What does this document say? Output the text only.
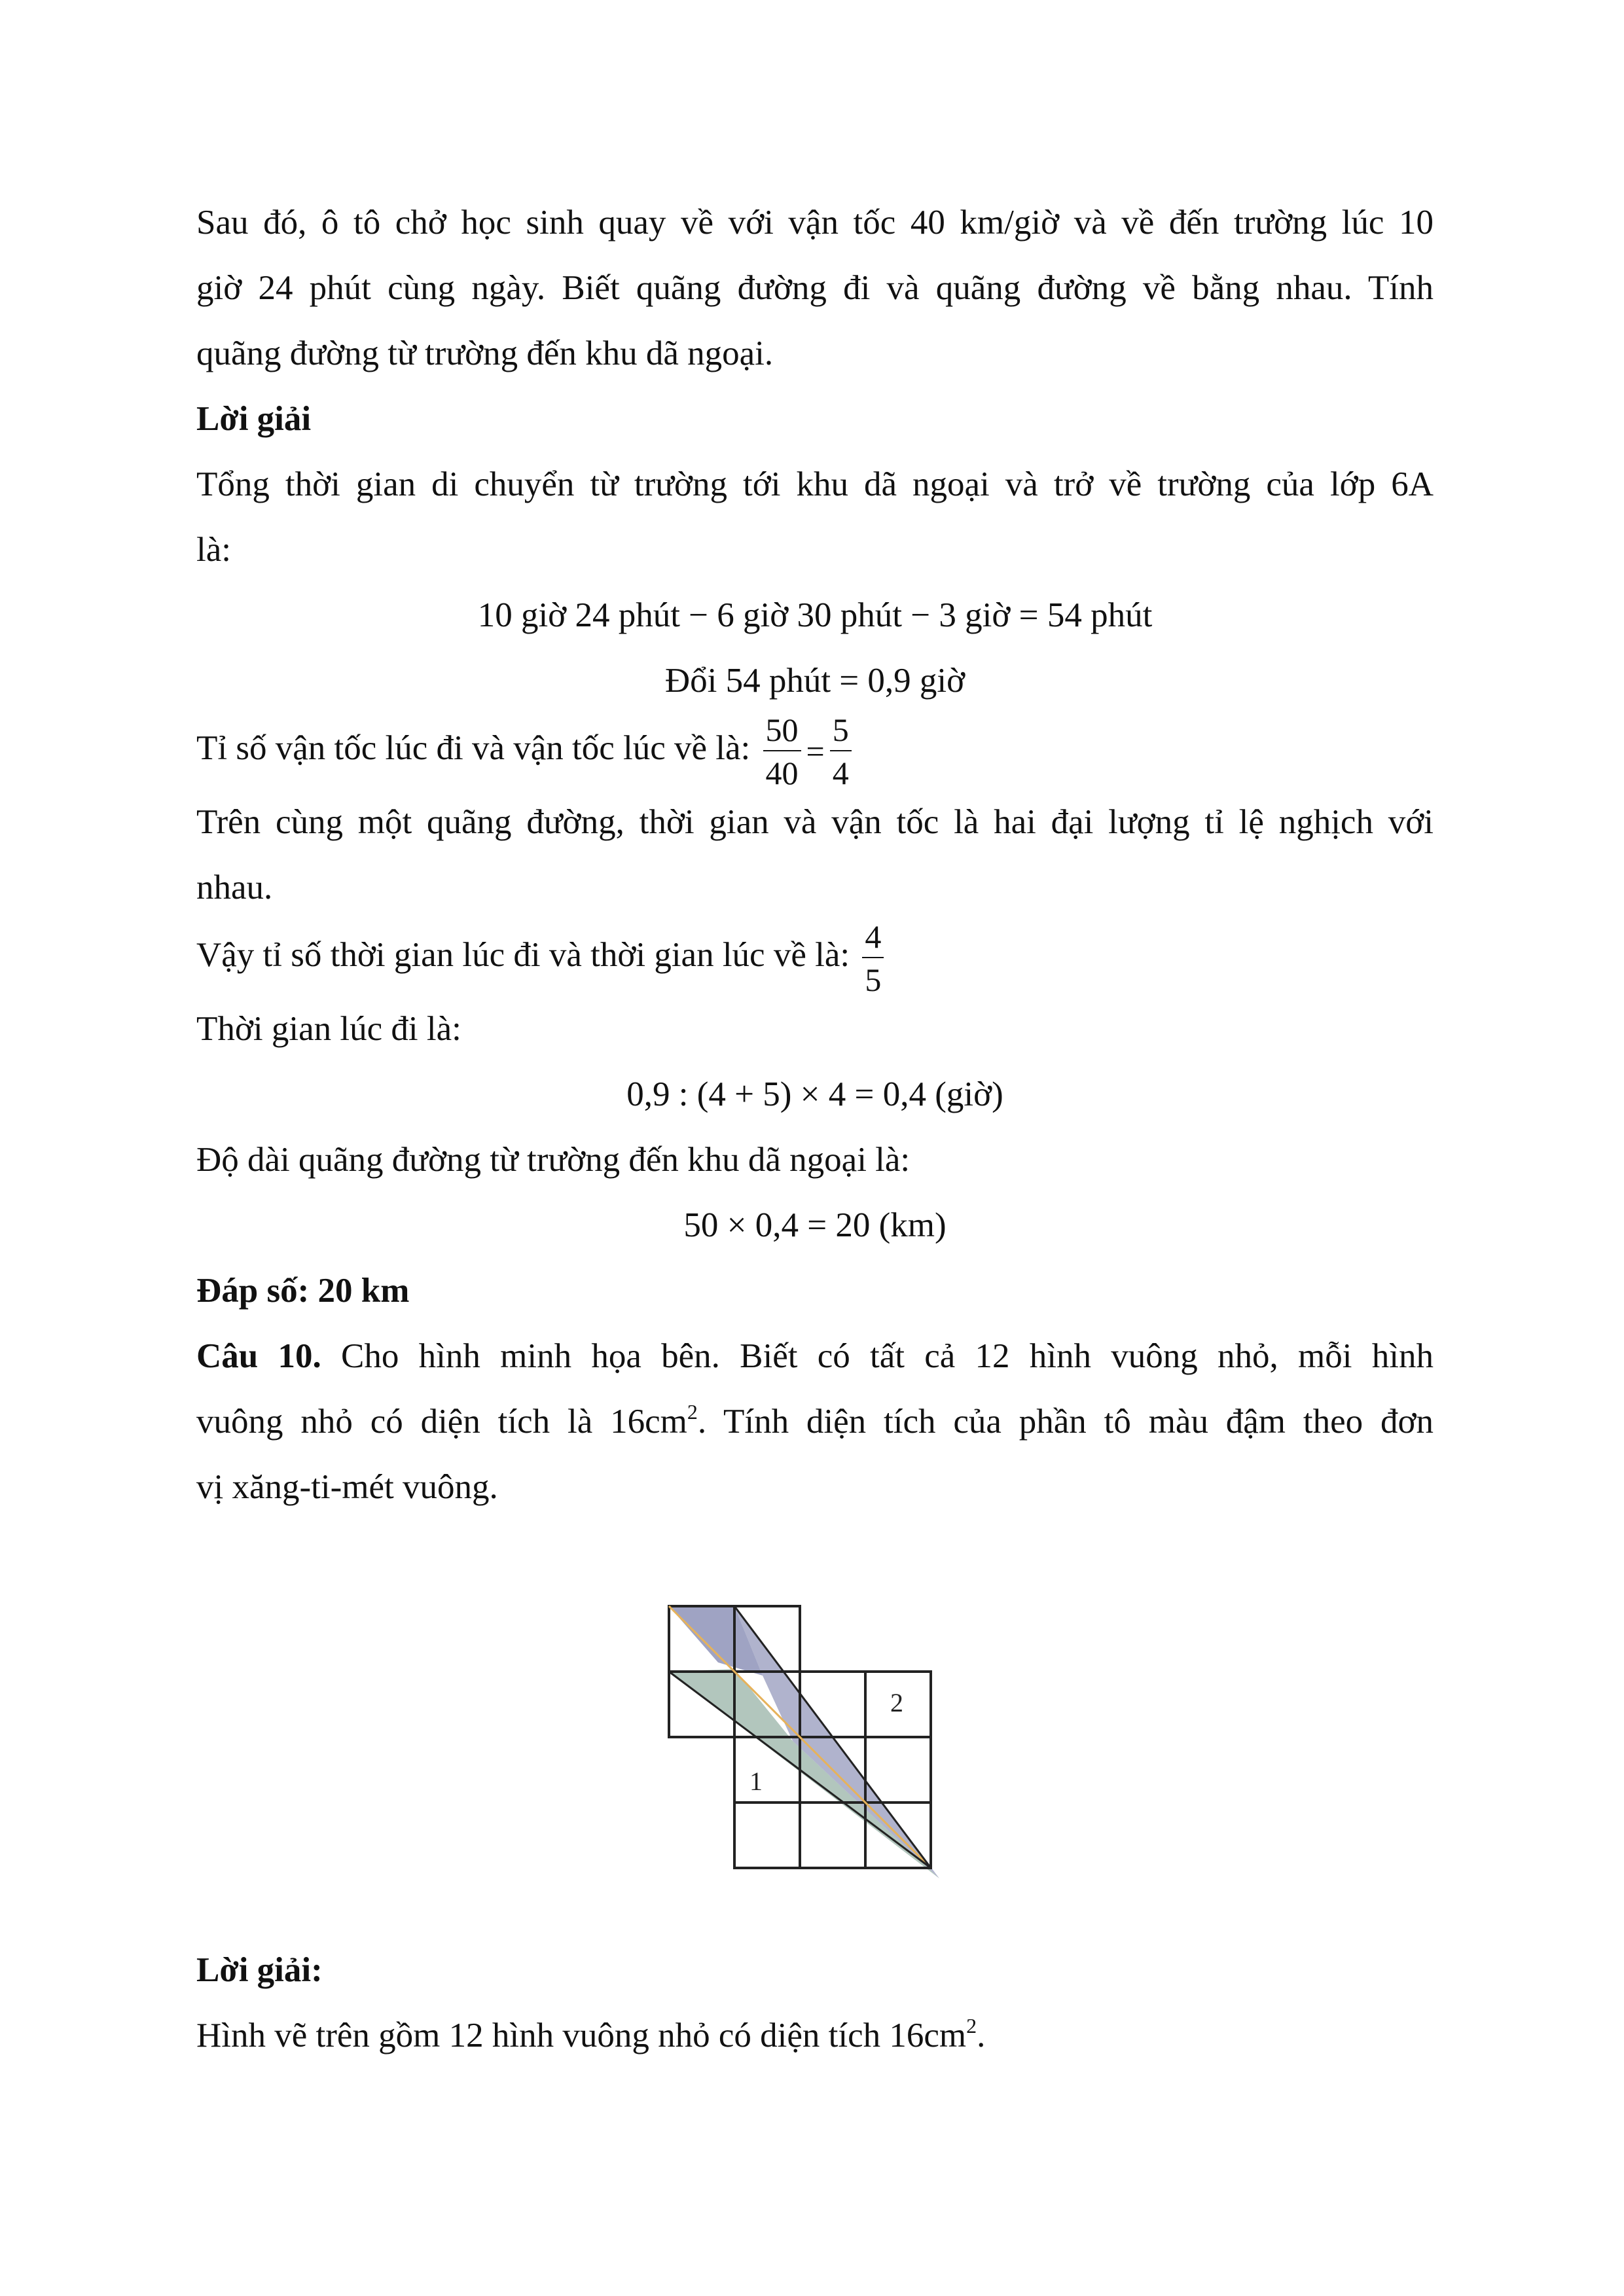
Sau đó, ô tô chở học sinh quay về với vận tốc 40 km/giờ và về đến trường lúc 10

giờ 24 phút cùng ngày. Biết quãng đường đi và quãng đường về bằng nhau. Tính

quãng đường từ trường đến khu dã ngoại.

Lời giải

Tổng thời gian di chuyển từ trường tới khu dã ngoại và trở về trường của lớp 6A

là:

10 giờ 24 phút − 6 giờ 30 phút − 3 giờ = 54 phút

Đổi 54 phút = 0,9 giờ

Tỉ số vận tốc lúc đi và vận tốc lúc về là: $\frac{50}{40} = \frac{5}{4}$

Trên cùng một quãng đường, thời gian và vận tốc là hai đại lượng tỉ lệ nghịch với

nhau.

Vậy tỉ số thời gian lúc đi và thời gian lúc về là: $\frac{4}{5}$

Thời gian lúc đi là:

0,9 : (4 + 5) × 4 = 0,4 (giờ)

Độ dài quãng đường từ trường đến khu dã ngoại là:

50 × 0,4 = 20 (km)

Đáp số: 20 km

Câu 10. Cho hình minh họa bên. Biết có tất cả 12 hình vuông nhỏ, mỗi hình

vuông nhỏ có diện tích là $16cm^2$. Tính diện tích của phần tô màu đậm theo đơn

vị xăng-ti-mét vuông.

1
2

Lời giải:

Hình vẽ trên gồm 12 hình vuông nhỏ có diện tích $16cm^2$.
